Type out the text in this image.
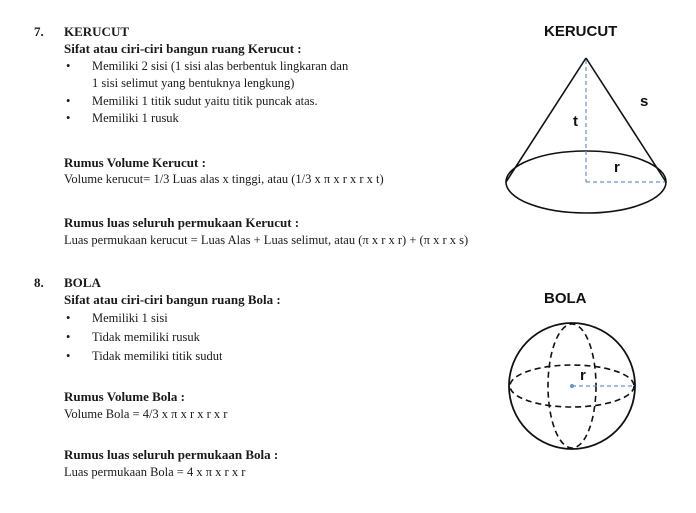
7. KERUCUT
Sifat atau ciri-ciri bangun ruang Kerucut :
• Memiliki 2 sisi (1 sisi alas berbentuk lingkaran dan
1 sisi selimut yang bentuknya lengkung)
• Memiliki 1 titik sudut yaitu titik puncak atas.
• Memiliki 1 rusuk
Rumus Volume Kerucut :
Volume kerucut= 1/3 Luas alas x tinggi, atau (1/3 x π x r x r x t)
Rumus luas seluruh permukaan Kerucut :
Luas permukaan kerucut = Luas Alas + Luas selimut, atau (π x r x r) + (π x r x s)
KERUCUT
t
s
r
8. BOLA
Sifat atau ciri-ciri bangun ruang Bola :
• Memiliki 1 sisi
• Tidak memiliki rusuk
• Tidak memiliki titik sudut
Rumus Volume Bola :
Volume Bola = 4/3 x π x r x r x r
Rumus luas seluruh permukaan Bola :
Luas permukaan Bola = 4 x π x r x r
BOLA
r
